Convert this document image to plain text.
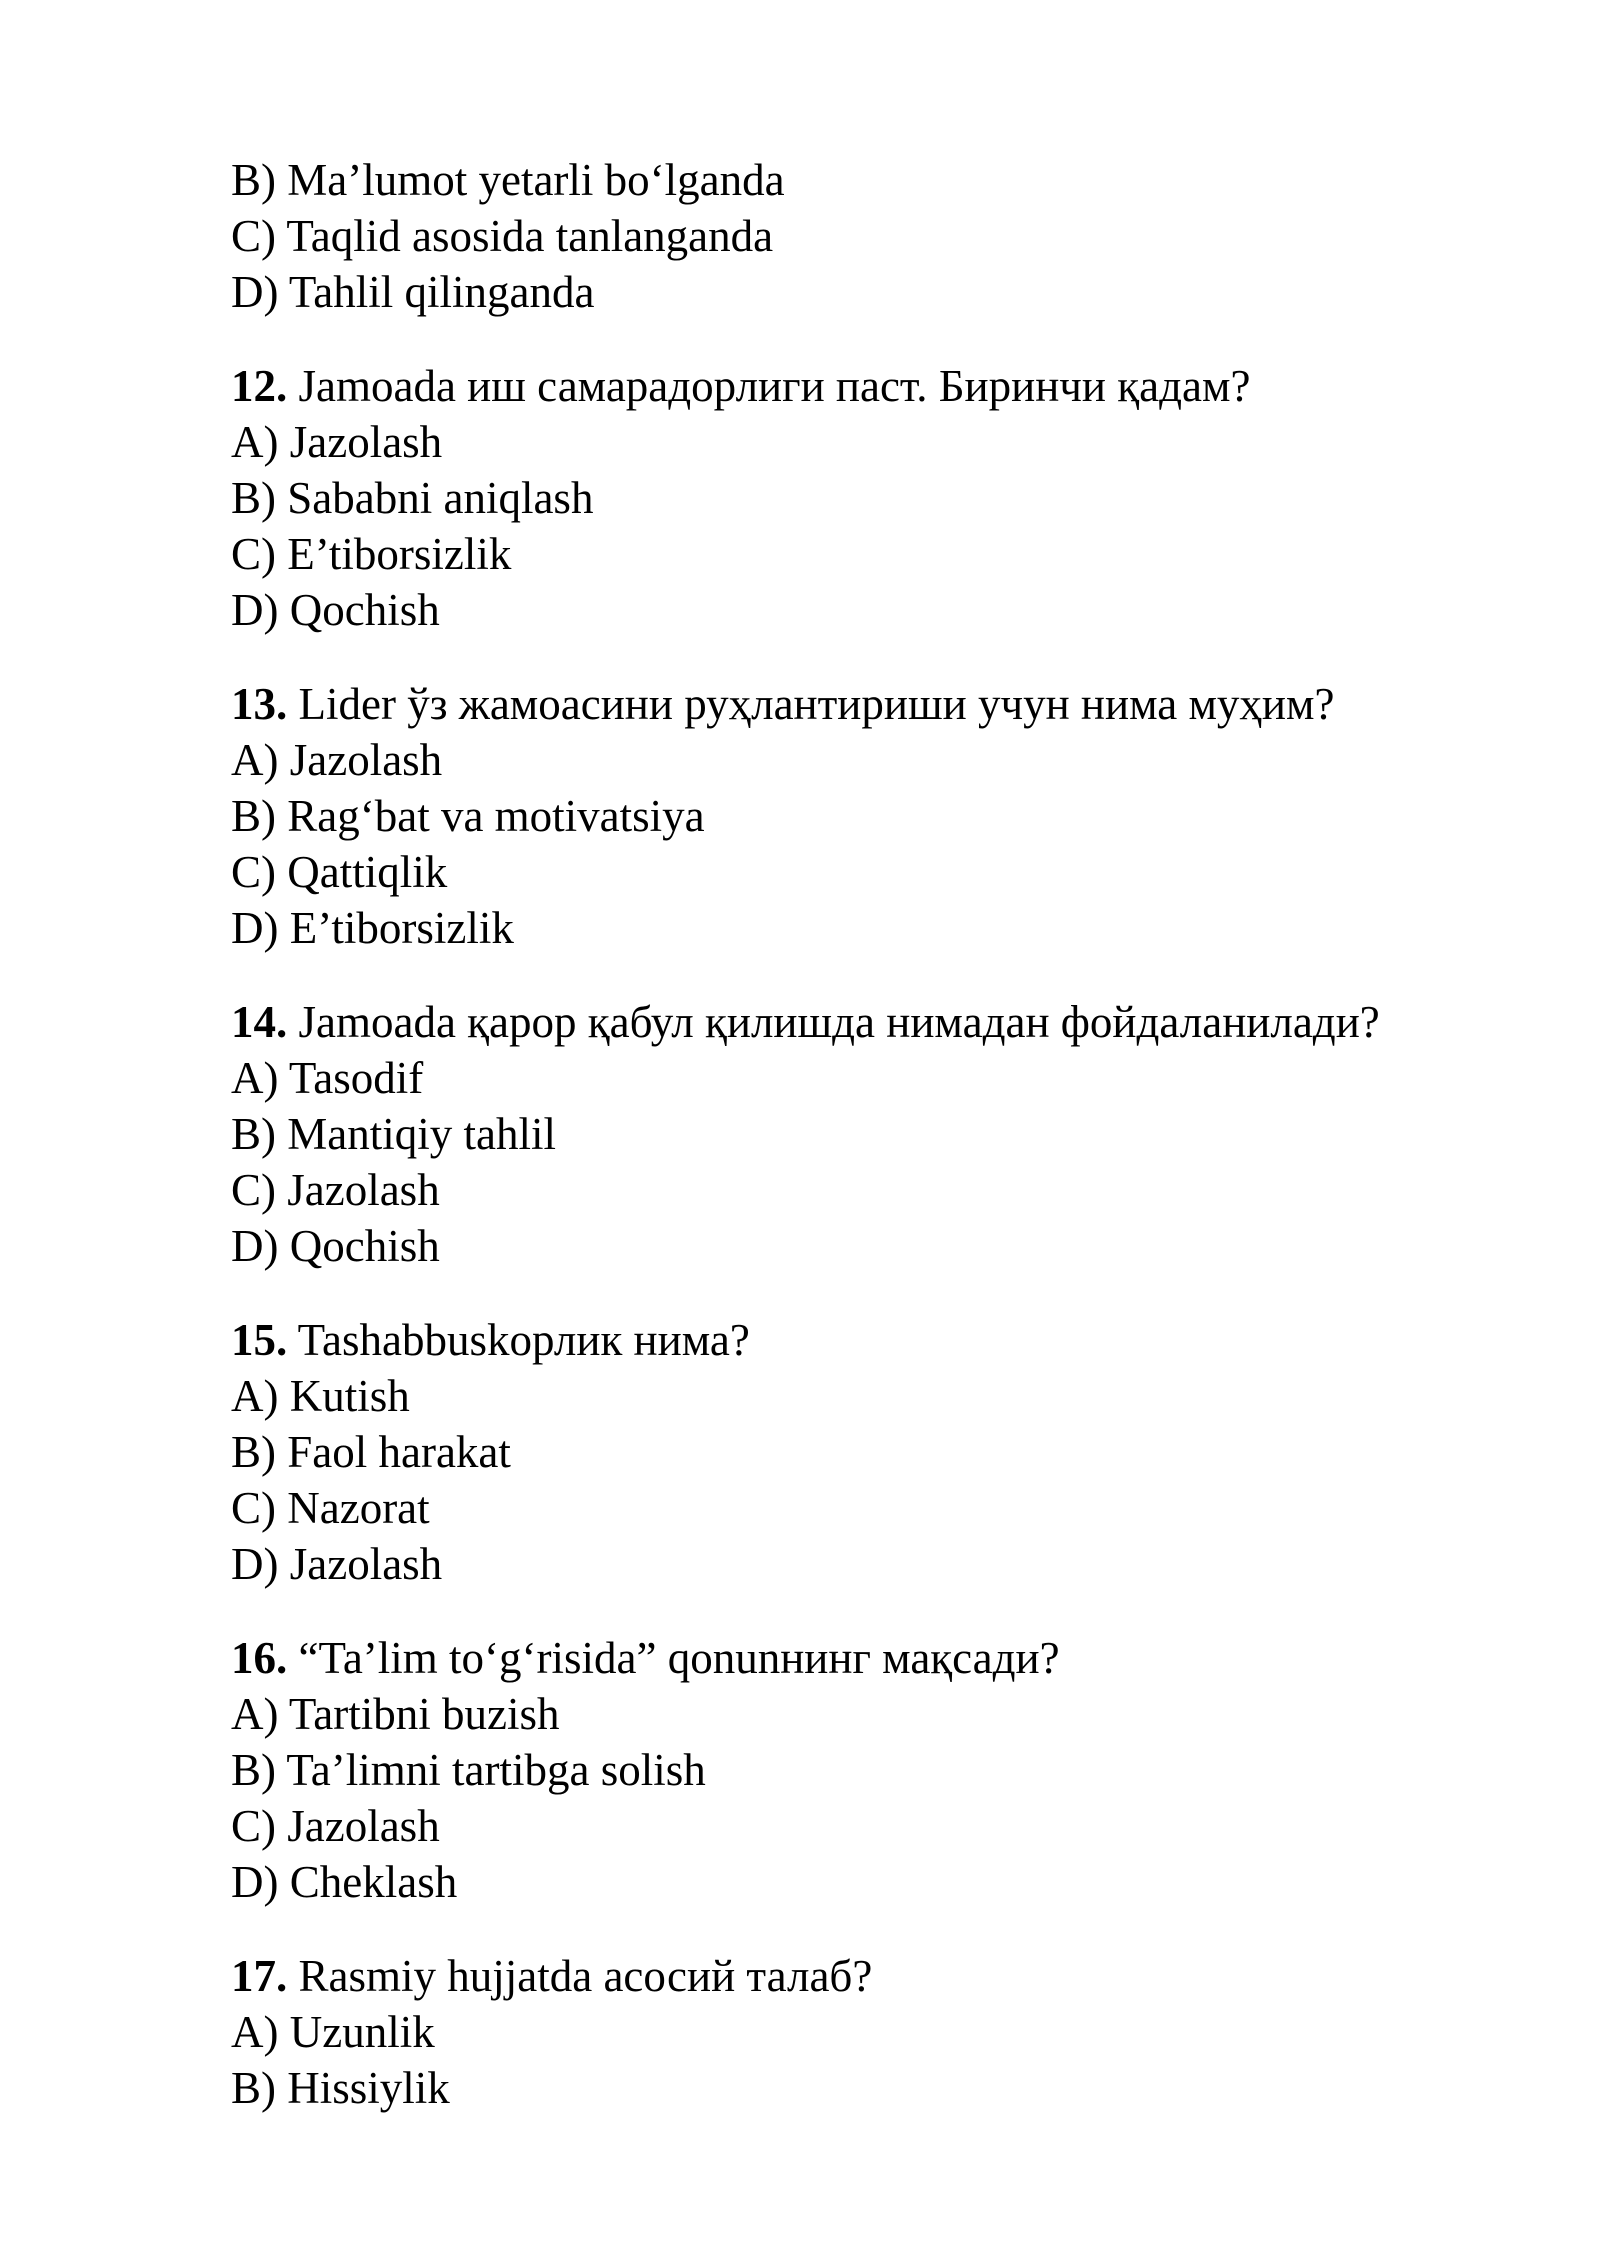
B) Ma’lumot yetarli bo‘lganda
C) Taqlid asosida tanlanganda
D) Tahlil qilinganda
12. Jamoada иш самарадорлиги паст. Биринчи қадам?
A) Jazolash
B) Sababni aniqlash
C) E’tiborsizlik
D) Qochish
13. Lider ўз жамоасини руҳлантириши учун нима муҳим?
A) Jazolash
B) Rag‘bat va motivatsiya
C) Qattiqlik
D) E’tiborsizlik
14. Jamoada қарор қабул қилишда нимадан фойдаланилади?
A) Tasodif
B) Mantiqiy tahlil
C) Jazolash
D) Qochish
15. Tashabbuskорлик нима?
A) Kutish
B) Faol harakat
C) Nazorat
D) Jazolash
16. “Ta’lim to‘g‘risida” qonunнинг мақсади?
A) Tartibni buzish
B) Ta’limni tartibga solish
C) Jazolash
D) Cheklash
17. Rasmiy hujjatda асосий талаб?
A) Uzunlik
B) Hissiylik
